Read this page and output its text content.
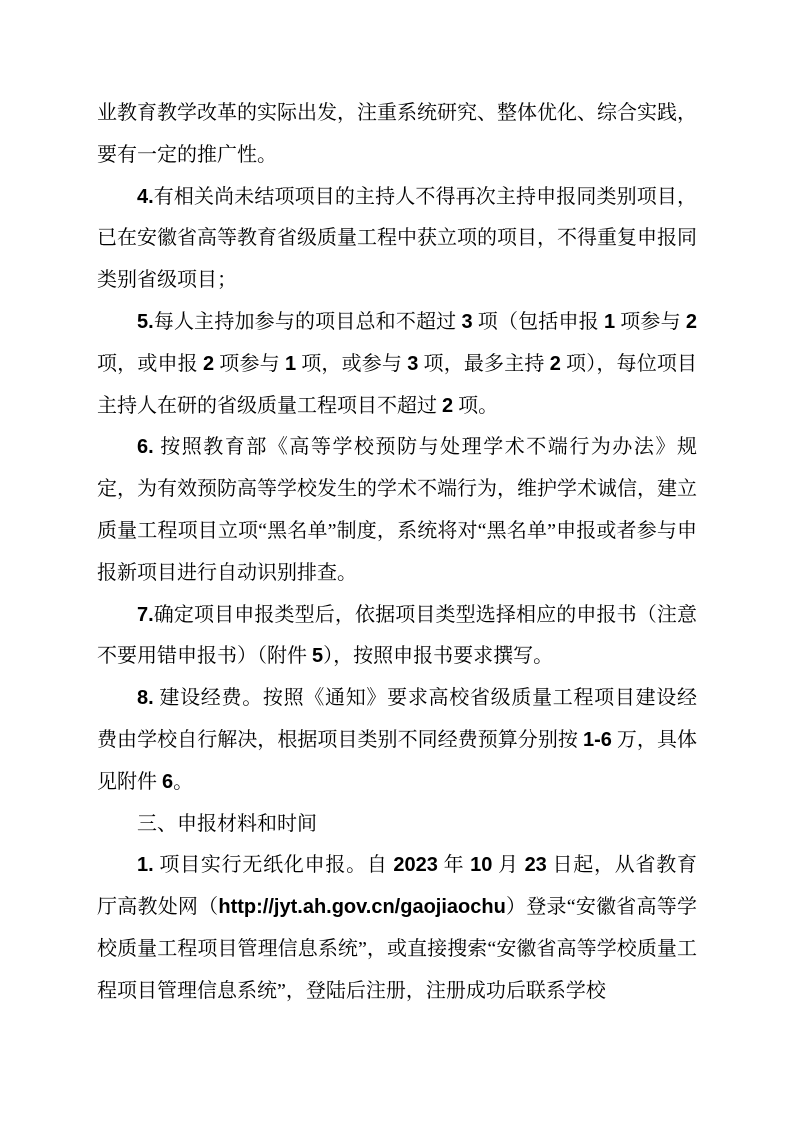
业教育教学改革的实际出发，注重系统研究、整体优化、综合实践，要有一定的推广性。

4.有相关尚未结项项目的主持人不得再次主持申报同类别项目，已在安徽省高等教育省级质量工程中获立项的项目，不得重复申报同类别省级项目；

5.每人主持加参与的项目总和不超过 3 项（包括申报 1 项参与 2 项，或申报 2 项参与 1 项，或参与 3 项，最多主持 2 项），每位项目主持人在研的省级质量工程项目不超过 2 项。

6. 按照教育部《高等学校预防与处理学术不端行为办法》规定，为有效预防高等学校发生的学术不端行为，维护学术诚信，建立质量工程项目立项“黑名单”制度，系统将对“黑名单”申报或者参与申报新项目进行自动识别排查。

7.确定项目申报类型后，依据项目类型选择相应的申报书（注意不要用错申报书）（附件 5），按照申报书要求撰写。

8. 建设经费。按照《通知》要求高校省级质量工程项目建设经费由学校自行解决，根据项目类别不同经费预算分别按 1-6 万，具体见附件 6。

三、申报材料和时间

1. 项目实行无纸化申报。自 2023 年 10 月 23 日起，从省教育厅高教处网（http://jyt.ah.gov.cn/gaojiaochu）登录“安徽省高等学校质量工程项目管理信息系统”，或直接搜索“安徽省高等学校质量工程项目管理信息系统”，登陆后注册，注册成功后联系学校
